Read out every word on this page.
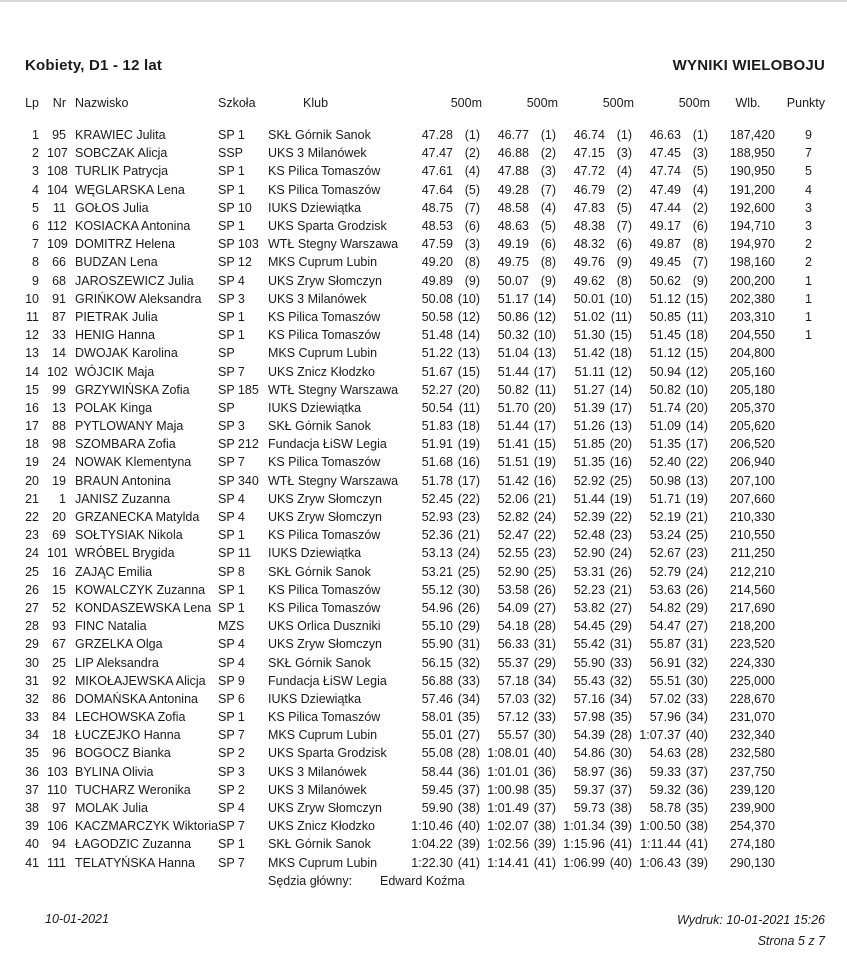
Kobiety, D1 - 12 lat	WYNIKI WIELOBOJU
Lp	Nr	Nazwisko	Szkoła	Klub	500m	500m	500m	500m	Wlb.	Punkty
1	95	KRAWIEC Julita	SP 1	SKŁ Górnik Sanok	47.28 (1)	46.77 (1)	46.74 (1)	46.63 (1)	187,420	9
2	107	SOBCZAK Alicja	SSP	UKS 3 Milanówek	47.47 (2)	46.88 (2)	47.15 (3)	47.45 (3)	188,950	7
3	108	TURLIK Patrycja	SP 1	KS Pilica Tomaszów	47.61 (4)	47.88 (3)	47.72 (4)	47.74 (5)	190,950	5
4	104	WĘGLARSKA Lena	SP 1	KS Pilica Tomaszów	47.64 (5)	49.28 (7)	46.79 (2)	47.49 (4)	191,200	4
5	11	GOŁOS Julia	SP 10	IUKS Dziewiątka	48.75 (7)	48.58 (4)	47.83 (5)	47.44 (2)	192,600	3
6	112	KOSIACKA Antonina	SP 1	UKS Sparta Grodzisk	48.53 (6)	48.63 (5)	48.38 (7)	49.17 (6)	194,710	3
7	109	DOMITRZ Helena	SP 103	WTŁ Stegny Warszawa	47.59 (3)	49.19 (6)	48.32 (6)	49.87 (8)	194,970	2
8	66	BUDZAN Lena	SP 12	MKS Cuprum Lubin	49.20 (8)	49.75 (8)	49.76 (9)	49.45 (7)	198,160	2
9	68	JAROSZEWICZ Julia	SP 4	UKS Zryw Słomczyn	49.89 (9)	50.07 (9)	49.62 (8)	50.62 (9)	200,200	1
10	91	GRIŃKOW Aleksandra	SP 3	UKS 3 Milanówek	50.08 (10)	51.17 (14)	50.01 (10)	51.12 (15)	202,380	1
11	87	PIETRAK Julia	SP 1	KS Pilica Tomaszów	50.58 (12)	50.86 (12)	51.02 (11)	50.85 (11)	203,310	1
12	33	HENIG Hanna	SP 1	KS Pilica Tomaszów	51.48 (14)	50.32 (10)	51.30 (15)	51.45 (18)	204,550	1
13	14	DWOJAK Karolina	SP	MKS Cuprum Lubin	51.22 (13)	51.04 (13)	51.42 (18)	51.12 (15)	204,800	
14	102	WÓJCIK Maja	SP 7	UKS Znicz Kłodzko	51.67 (15)	51.44 (17)	51.11 (12)	50.94 (12)	205,160	
15	99	GRZYWIŃSKA Zofia	SP 185	WTŁ Stegny Warszawa	52.27 (20)	50.82 (11)	51.27 (14)	50.82 (10)	205,180	
16	13	POLAK Kinga	SP	IUKS Dziewiątka	50.54 (11)	51.70 (20)	51.39 (17)	51.74 (20)	205,370	
17	88	PYTLOWANY Maja	SP 3	SKŁ Górnik Sanok	51.83 (18)	51.44 (17)	51.26 (13)	51.09 (14)	205,620	
18	98	SZOMBARA Zofia	SP 212	Fundacja ŁiSW Legia	51.91 (19)	51.41 (15)	51.85 (20)	51.35 (17)	206,520	
19	24	NOWAK Klementyna	SP 7	KS Pilica Tomaszów	51.68 (16)	51.51 (19)	51.35 (16)	52.40 (22)	206,940	
20	19	BRAUN Antonina	SP 340	WTŁ Stegny Warszawa	51.78 (17)	51.42 (16)	52.92 (25)	50.98 (13)	207,100	
21	1	JANISZ Zuzanna	SP 4	UKS Zryw Słomczyn	52.45 (22)	52.06 (21)	51.44 (19)	51.71 (19)	207,660	
22	20	GRZANECKA Matylda	SP 4	UKS Zryw Słomczyn	52.93 (23)	52.82 (24)	52.39 (22)	52.19 (21)	210,330	
23	69	SOŁTYSIAK Nikola	SP 1	KS Pilica Tomaszów	52.36 (21)	52.47 (22)	52.48 (23)	53.24 (25)	210,550	
24	101	WRÓBEL Brygida	SP 11	IUKS Dziewiątka	53.13 (24)	52.55 (23)	52.90 (24)	52.67 (23)	211,250	
25	16	ZAJĄC Emilia	SP 8	SKŁ Górnik Sanok	53.21 (25)	52.90 (25)	53.31 (26)	52.79 (24)	212,210	
26	15	KOWALCZYK Zuzanna	SP 1	KS Pilica Tomaszów	55.12 (30)	53.58 (26)	52.23 (21)	53.63 (26)	214,560	
27	52	KONDASZEWSKA Lena	SP 1	KS Pilica Tomaszów	54.96 (26)	54.09 (27)	53.82 (27)	54.82 (29)	217,690	
28	93	FINC Natalia	MZS	UKS Orlica Duszniki	55.10 (29)	54.18 (28)	54.45 (29)	54.47 (27)	218,200	
29	67	GRZELKA Olga	SP 4	UKS Zryw Słomczyn	55.90 (31)	56.33 (31)	55.42 (31)	55.87 (31)	223,520	
30	25	LIP Aleksandra	SP 4	SKŁ Górnik Sanok	56.15 (32)	55.37 (29)	55.90 (33)	56.91 (32)	224,330	
31	92	MIKOŁAJEWSKA Alicja	SP 9	Fundacja ŁiSW Legia	56.88 (33)	57.18 (34)	55.43 (32)	55.51 (30)	225,000	
32	86	DOMAŃSKA Antonina	SP 6	IUKS Dziewiątka	57.46 (34)	57.03 (32)	57.16 (34)	57.02 (33)	228,670	
33	84	LECHOWSKA Zofia	SP 1	KS Pilica Tomaszów	58.01 (35)	57.12 (33)	57.98 (35)	57.96 (34)	231,070	
34	18	ŁUCZEJKO Hanna	SP 7	MKS Cuprum Lubin	55.01 (27)	55.57 (30)	54.39 (28)	1:07.37 (40)	232,340	
35	96	BOGOCZ Bianka	SP 2	UKS Sparta Grodzisk	55.08 (28)	1:08.01 (40)	54.86 (30)	54.63 (28)	232,580	
36	103	BYLINA Olivia	SP 3	UKS 3 Milanówek	58.44 (36)	1:01.01 (36)	58.97 (36)	59.33 (37)	237,750	
37	110	TUCHARZ Weronika	SP 2	UKS 3 Milanówek	59.45 (37)	1:00.98 (35)	59.37 (37)	59.32 (36)	239,120	
38	97	MOLAK Julia	SP 4	UKS Zryw Słomczyn	59.90 (38)	1:01.49 (37)	59.73 (38)	58.78 (35)	239,900	
39	106	KACZMARCZYK Wiktoria	SP 7	UKS Znicz Kłodzko	1:10.46 (40)	1:02.07 (38)	1:01.34 (39)	1:00.50 (38)	254,370	
40	94	ŁAGODZIC Zuzanna	SP 1	SKŁ Górnik Sanok	1:04.22 (39)	1:02.56 (39)	1:15.96 (41)	1:11.44 (41)	274,180	
41	111	TELATYŃSKA Hanna	SP 7	MKS Cuprum Lubin	1:22.30 (41)	1:14.41 (41)	1:06.99 (40)	1:06.43 (39)	290,130	
Sędzia główny: Edward Koźma
10-01-2021	Wydruk: 10-01-2021 15:26
Strona 5 z 7
